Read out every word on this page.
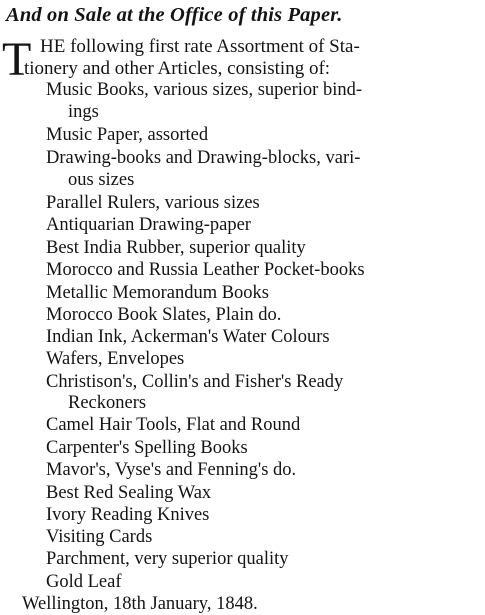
And on Sale at the Office of this Paper.
T HE following first rate Assortment of Sta-
tionery and other Articles, consisting of:
Music Books, various sizes, superior bind-
ings
Music Paper, assorted
Drawing-books and Drawing-blocks, vari-
ous sizes
Parallel Rulers, various sizes
Antiquarian Drawing-paper
Best India Rubber, superior quality
Morocco and Russia Leather Pocket-books
Metallic Memorandum Books
Morocco Book Slates, Plain do.
Indian Ink, Ackerman's Water Colours
Wafers, Envelopes
Christison's, Collin's and Fisher's Ready
Reckoners
Camel Hair Tools, Flat and Round
Carpenter's Spelling Books
Mavor's, Vyse's and Fenning's do.
Best Red Sealing Wax
Ivory Reading Knives
Visiting Cards
Parchment, very superior quality
Gold Leaf
Wellington, 18th January, 1848.
